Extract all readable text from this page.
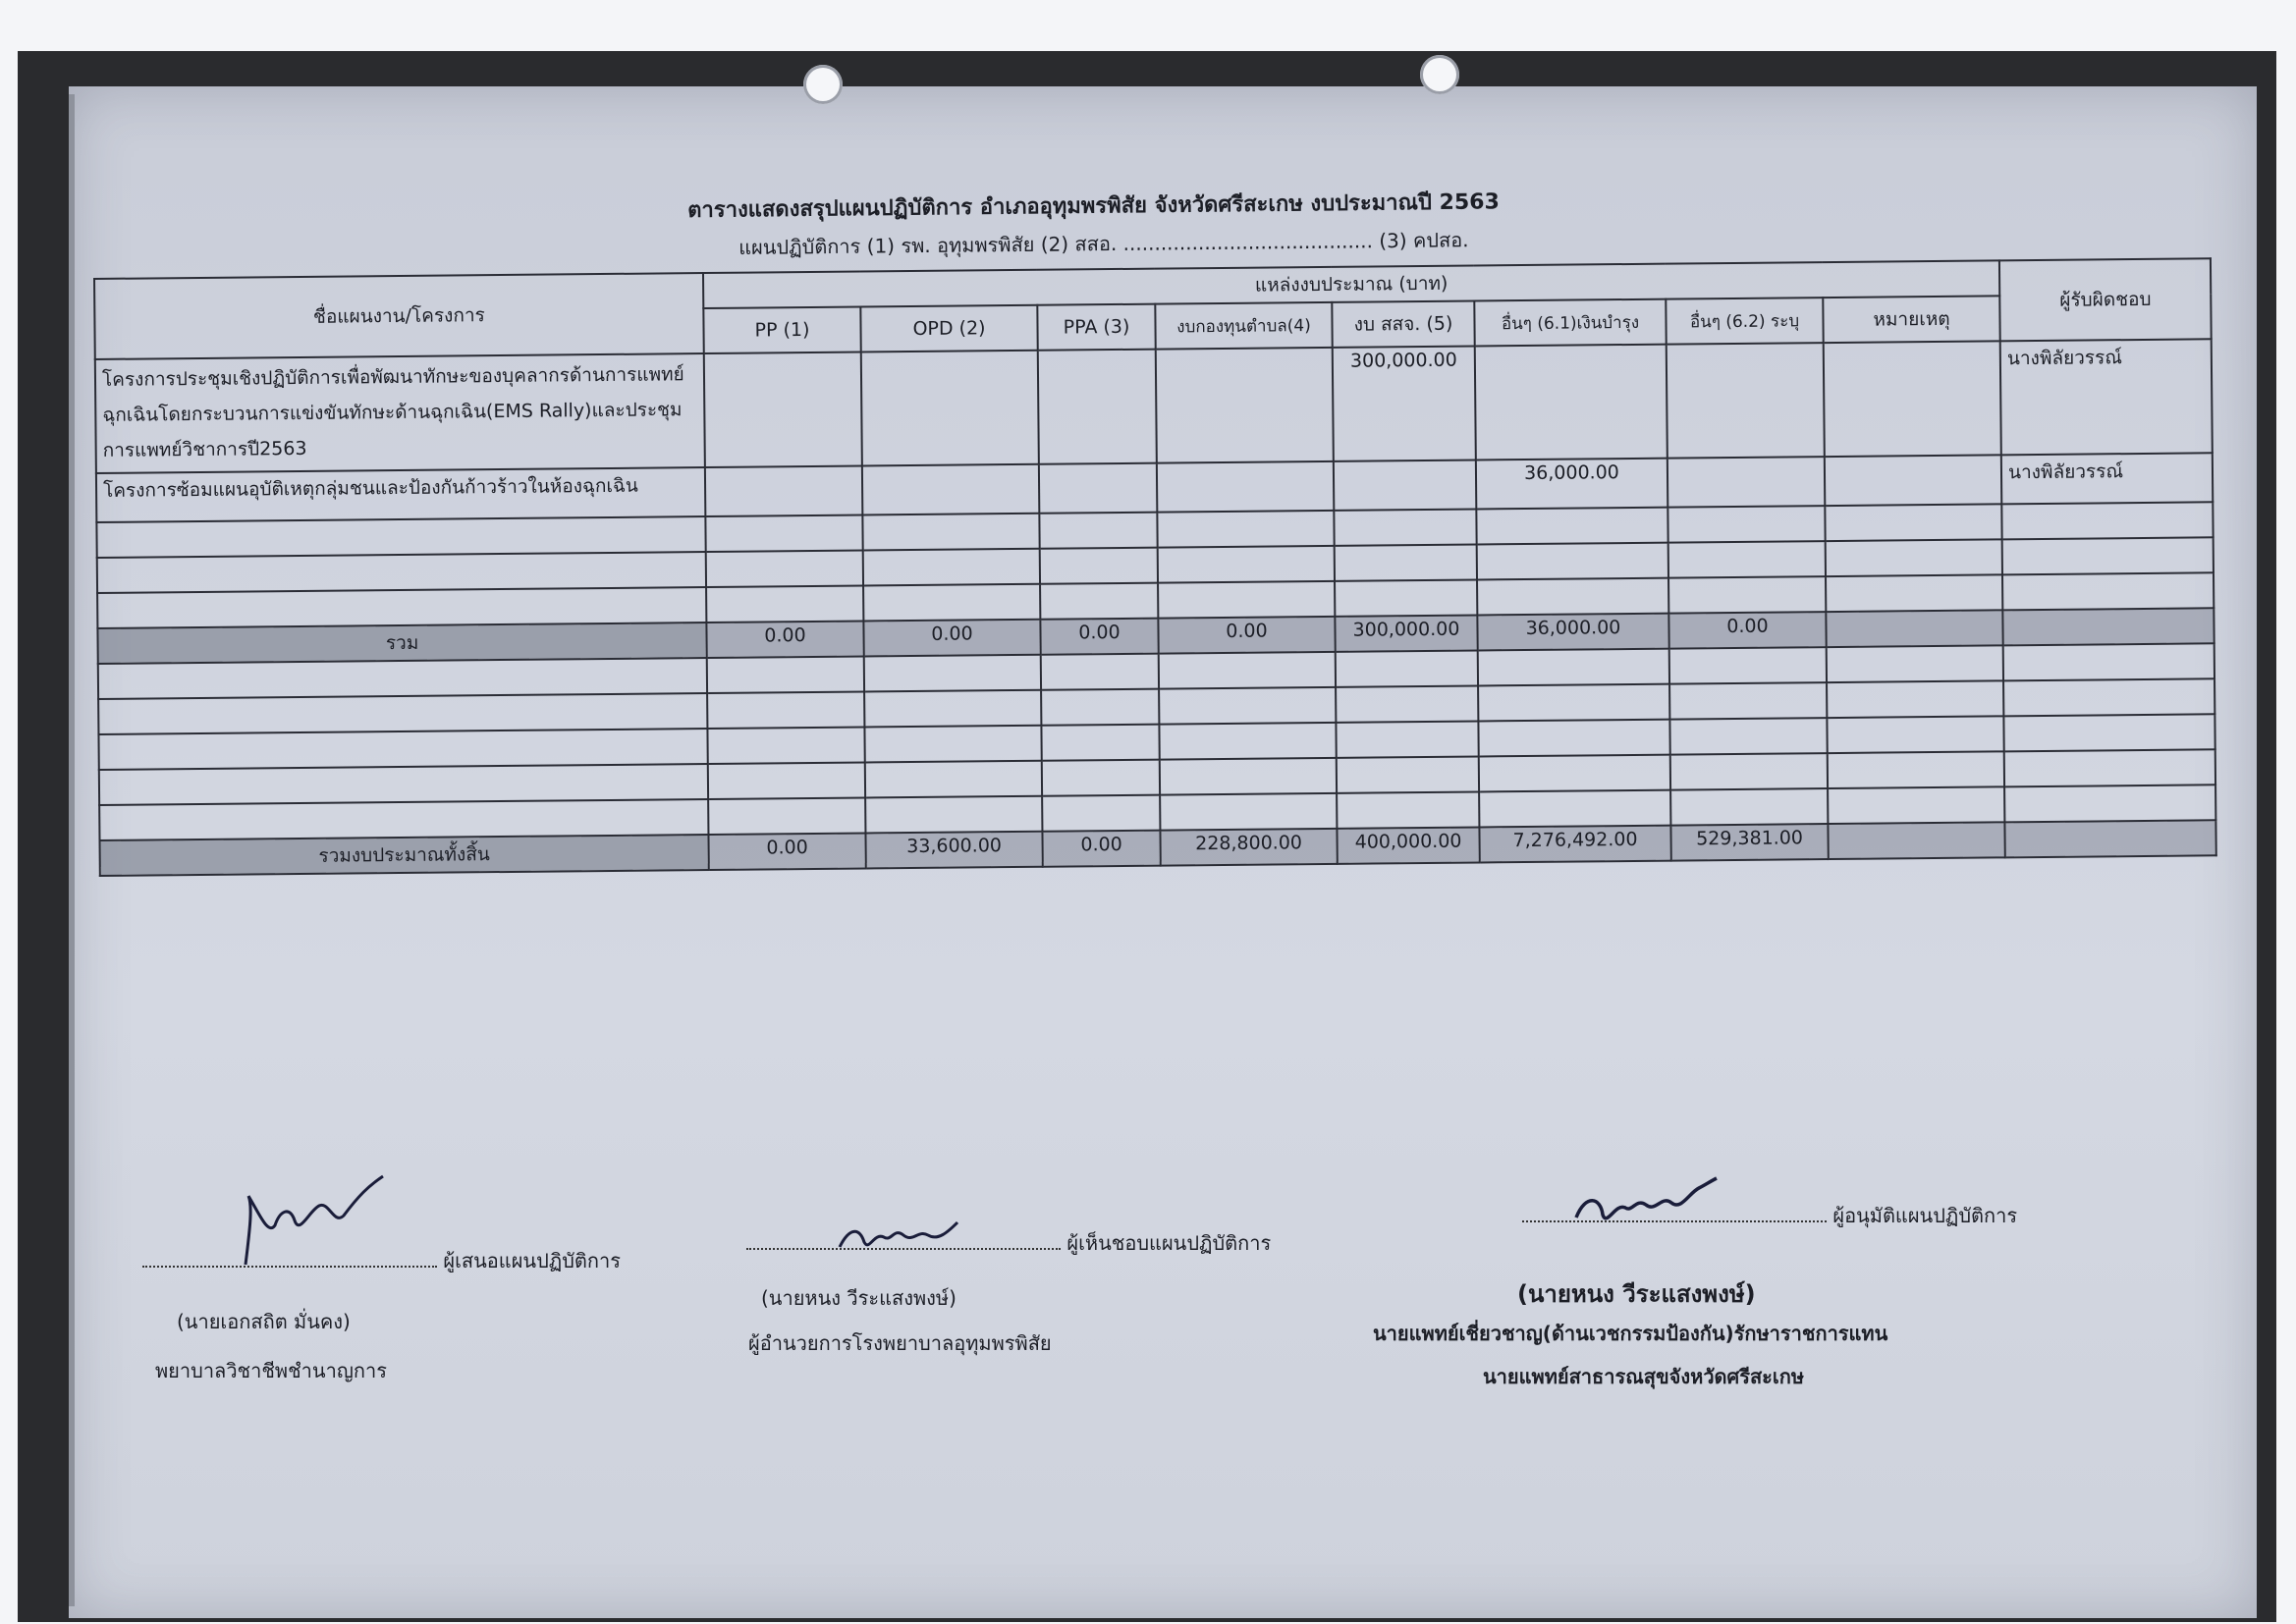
ตารางแสดงสรุปแผนปฏิบัติการ อำเภออุทุมพรพิสัย จังหวัดศรีสะเกษ งบประมาณปี 2563
แผนปฏิบัติการ (1) รพ. อุทุมพรพิสัย (2) สสอ. ........................................ (3) คปสอ.
ชื่อแผนงาน/โครงการ	แหล่งงบประมาณ (บาท)								ผู้รับผิดชอบ
	PP (1)	OPD (2)	PPA (3)	งบกองทุนตำบล(4)	งบ สสจ. (5)	อื่นๆ (6.1)เงินบำรุง	อื่นๆ (6.2) ระบุ	หมายเหตุ	
โครงการประชุมเชิงปฏิบัติการเพื่อพัฒนาทักษะของบุคลากรด้านการแพทย์ฉุกเฉินโดยกระบวนการแข่งขันทักษะด้านฉุกเฉิน(EMS Rally)และประชุมการแพทย์วิชาการปี2563					300,000.00				นางพิลัยวรรณ์
โครงการซ้อมแผนอุบัติเหตุกลุ่มชนและป้องกันก้าวร้าวในห้องฉุกเฉิน						36,000.00			นางพิลัยวรรณ์

รวม	0.00	0.00	0.00	0.00	300,000.00	36,000.00	0.00		

รวมงบประมาณทั้งสิ้น	0.00	33,600.00	0.00	228,800.00	400,000.00	7,276,492.00	529,381.00		
ผู้เสนอแผนปฏิบัติการ
(นายเอกสถิต มั่นคง)
พยาบาลวิชาชีพชำนาญการ
ผู้เห็นชอบแผนปฏิบัติการ
(นายหนง วีระแสงพงษ์)
ผู้อำนวยการโรงพยาบาลอุทุมพรพิสัย
ผู้อนุมัติแผนปฏิบัติการ
(นายหนง วีระแสงพงษ์)
นายแพทย์เชี่ยวชาญ(ด้านเวชกรรมป้องกัน)รักษาราชการแทน
นายแพทย์สาธารณสุขจังหวัดศรีสะเกษ
